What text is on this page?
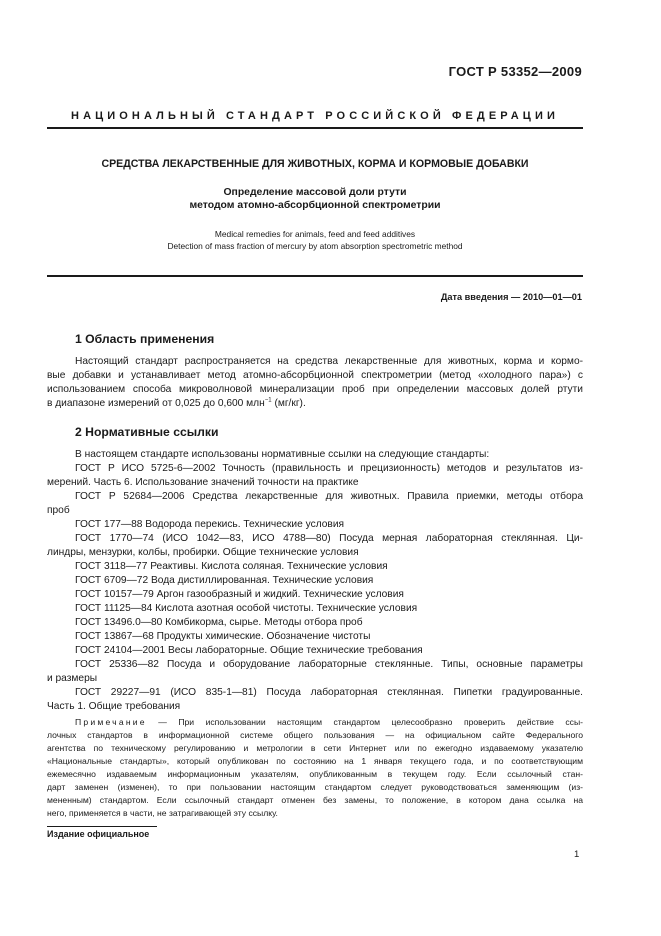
ГОСТ Р 53352—2009
НАЦИОНАЛЬНЫЙ СТАНДАРТ РОССИЙСКОЙ ФЕДЕРАЦИИ
СРЕДСТВА ЛЕКАРСТВЕННЫЕ ДЛЯ ЖИВОТНЫХ, КОРМА И КОРМОВЫЕ ДОБАВКИ
Определение массовой доли ртути
методом атомно-абсорбционной спектрометрии
Medical remedies for animals, feed and feed additives
Detection of mass fraction of mercury by atom absorption spectrometric method
Дата введения — 2010—01—01
1 Область применения
Настоящий стандарт распространяется на средства лекарственные для животных, корма и кормо-
вые добавки и устанавливает метод атомно-абсорбционной спектрометрии (метод «холодного пара») с
использованием способа микроволновой минерализации проб при определении массовых долей ртути
в диапазоне измерений от 0,025 до 0,600 млн$^{-1}$ (мг/кг).
2 Нормативные ссылки
В настоящем стандарте использованы нормативные ссылки на следующие стандарты:
ГОСТ Р ИСО 5725-6—2002 Точность (правильность и прецизионность) методов и результатов из-
мерений. Часть 6. Использование значений точности на практике
ГОСТ Р 52684—2006 Средства лекарственные для животных. Правила приемки, методы отбора
проб
ГОСТ 177—88 Водорода перекись. Технические условия
ГОСТ 1770—74 (ИСО 1042—83, ИСО 4788—80) Посуда мерная лабораторная стеклянная. Ци-
линдры, мензурки, колбы, пробирки. Общие технические условия
ГОСТ 3118—77 Реактивы. Кислота соляная. Технические условия
ГОСТ 6709—72 Вода дистиллированная. Технические условия
ГОСТ 10157—79 Аргон газообразный и жидкий. Технические условия
ГОСТ 11125—84 Кислота азотная особой чистоты. Технические условия
ГОСТ 13496.0—80 Комбикорма, сырье. Методы отбора проб
ГОСТ 13867—68 Продукты химические. Обозначение чистоты
ГОСТ 24104—2001 Весы лабораторные. Общие технические требования
ГОСТ 25336—82 Посуда и оборудование лабораторные стеклянные. Типы, основные параметры
и размеры
ГОСТ 29227—91 (ИСО 835-1—81) Посуда лабораторная стеклянная. Пипетки градуированные.
Часть 1. Общие требования
Примечание — При использовании настоящим стандартом целесообразно проверить действие ссы-
лочных стандартов в информационной системе общего пользования — на официальном сайте Федерального
агентства по техническому регулированию и метрологии в сети Интернет или по ежегодно издаваемому указателю
«Национальные стандарты», который опубликован по состоянию на 1 января текущего года, и по соответствующим
ежемесячно издаваемым информационным указателям, опубликованным в текущем году. Если ссылочный стан-
дарт заменен (изменен), то при пользовании настоящим стандартом следует руководствоваться заменяющим (из-
мененным) стандартом. Если ссылочный стандарт отменен без замены, то положение, в котором дана ссылка на
него, применяется в части, не затрагивающей эту ссылку.
Издание официальное
1
